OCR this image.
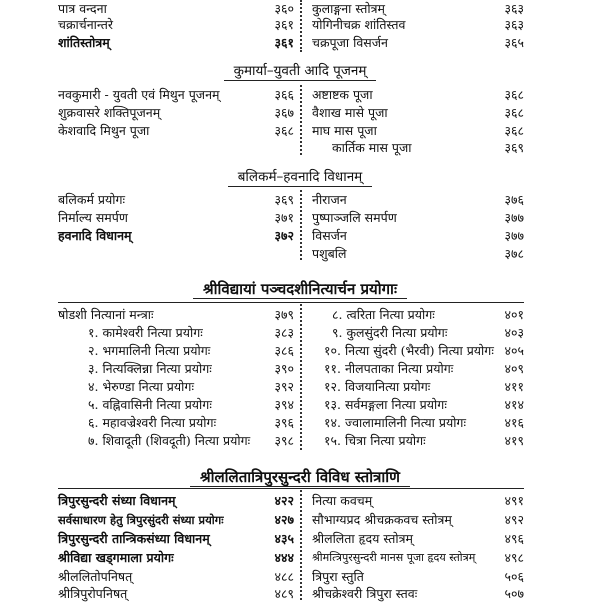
पात्र वन्दना	३६०
चक्रार्चनान्तरे	३६१
शांतिस्तोत्रम्	३६१
कुलाङ्गना स्तोत्रम्	३६३
योगिनीचक्र शांतिस्तव	३६३
चक्रपूजा विसर्जन	३६५
कुमार्या–युवती आदि पूजनम्
नवकुमारी - युवती एवं मिथुन पूजनम्	३६६
शुक्रवासरे शक्तिपूजनम्	३६७
केशवादि मिथुन पूजा	३६८
अष्टाष्टक पूजा	३६८
वैशाख मासे पूजा	३६८
माघ मास पूजा	३६८
कार्तिक मास पूजा	३६९
बलिकर्म–हवनादि विधानम्
बलिकर्म प्रयोगः	३६९
निर्माल्य समर्पण	३७१
हवनादि विधानम्	३७२
नीराजन	३७६
पुष्पाञ्जलि समर्पण	३७७
विसर्जन	३७७
पशुबलि	३७८
श्रीविद्यायां पञ्चदशीनित्यार्चन प्रयोगाः
षोडशी नित्यानां मन्त्राः	३७९
१. कामेश्वरी नित्या प्रयोगः	३८३
२. भगमालिनी नित्या प्रयोगः	३८६
३. नित्यक्लिन्ना नित्या प्रयोगः	३९०
४. भेरुण्डा नित्या प्रयोगः	३९२
५. वह्निवासिनी नित्या प्रयोगः	३९४
६. महावज्रेश्वरी नित्या प्रयोगः	३९६
७. शिवादूती (शिवदूती) नित्या प्रयोगः ३९८
८. त्वरिता नित्या प्रयोगः	४०१
९. कुलसुंदरी नित्या प्रयोगः	४०३
१०. नित्या सुंदरी (भैरवी) नित्या प्रयोगः ४०५
११. नीलपताका नित्या प्रयोगः	४०९
१२. विजयानित्या प्रयोगः	४११
१३. सर्वमङ्गला नित्या प्रयोगः	४१४
१४. ज्वालामालिनी नित्या प्रयोगः	४१६
१५. चित्रा नित्या प्रयोगः	४१९
श्रीललितात्रिपुरसुन्दरी विविध स्तोत्राणि
त्रिपुरसुन्दरी संध्या विधानम्	४२२
सर्वसाधारण हेतु त्रिपुरसुंदरी संध्या प्रयोगः	४२७
त्रिपुरसुन्दरी तान्त्रिकसंध्या विधानम्	४३५
श्रीविद्या खड्गमाला प्रयोगः	४४४
श्रीललितोपनिषत्	४८८
श्रीत्रिपुरोपनिषत्	४८९
नित्या कवचम्	४९१
सौभाग्यप्रद श्रीचक्रकवच स्तोत्रम्	४९२
श्रीललिता हृदय स्तोत्रम्	४९६
श्रीमत्त्रिपुरसुन्दरी मानस पूजा हृदय स्तोत्रम् ४९८
त्रिपुरा स्तुति	५०६
श्रीचक्रेश्वरी त्रिपुरा स्तवः	५०७
